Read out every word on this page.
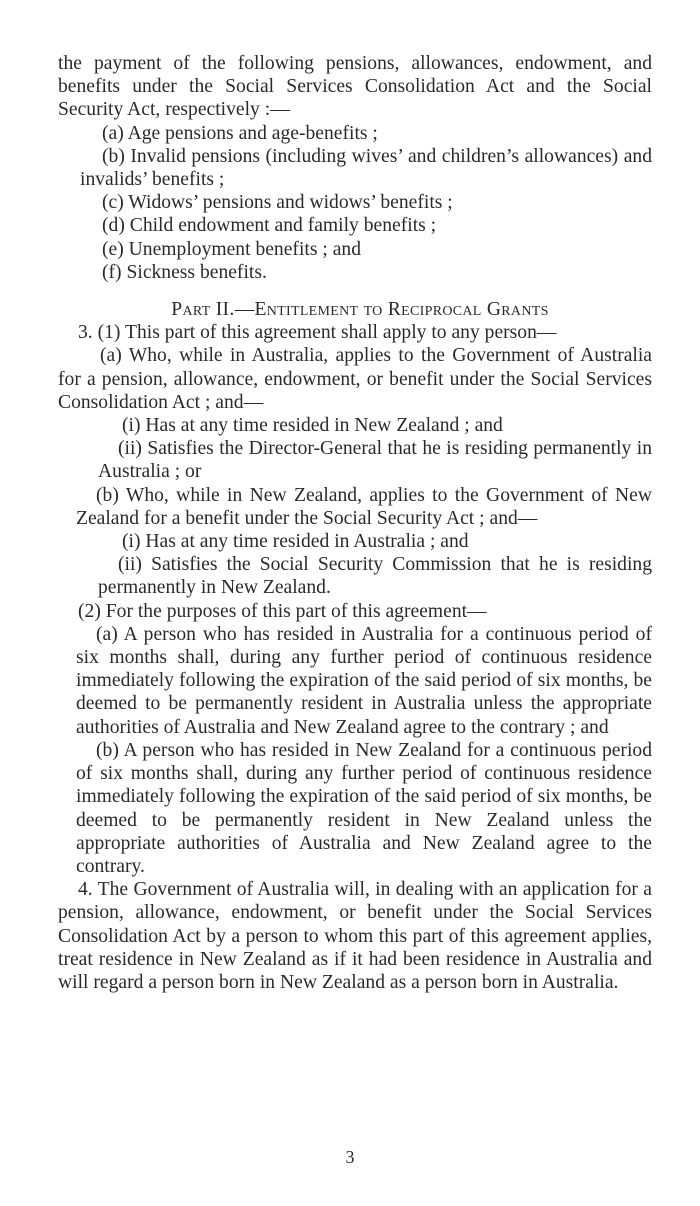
the payment of the following pensions, allowances, endowment, and benefits under the Social Services Consolidation Act and the Social Security Act, respectively :—

(a) Age pensions and age-benefits ;

(b) Invalid pensions (including wives’ and children’s allowances) and invalids’ benefits ;

(c) Widows’ pensions and widows’ benefits ;

(d) Child endowment and family benefits ;

(e) Unemployment benefits ; and

(f) Sickness benefits.

Part II.—Entitlement to Reciprocal Grants

3. (1) This part of this agreement shall apply to any person—

(a) Who, while in Australia, applies to the Government of Australia for a pension, allowance, endowment, or benefit under the Social Services Consolidation Act ; and—

(i) Has at any time resided in New Zealand ; and

(ii) Satisfies the Director-General that he is residing permanently in Australia ; or

(b) Who, while in New Zealand, applies to the Government of New Zealand for a benefit under the Social Security Act ; and—

(i) Has at any time resided in Australia ; and

(ii) Satisfies the Social Security Commission that he is residing permanently in New Zealand.

(2) For the purposes of this part of this agreement—

(a) A person who has resided in Australia for a continuous period of six months shall, during any further period of continuous residence immediately following the expiration of the said period of six months, be deemed to be permanently resident in Australia unless the appropriate authorities of Australia and New Zealand agree to the contrary ; and

(b) A person who has resided in New Zealand for a continuous period of six months shall, during any further period of continuous residence immediately following the expiration of the said period of six months, be deemed to be permanently resident in New Zealand unless the appropriate authorities of Australia and New Zealand agree to the contrary.

4. The Government of Australia will, in dealing with an application for a pension, allowance, endowment, or benefit under the Social Services Consolidation Act by a person to whom this part of this agreement applies, treat residence in New Zealand as if it had been residence in Australia and will regard a person born in New Zealand as a person born in Australia.

3
